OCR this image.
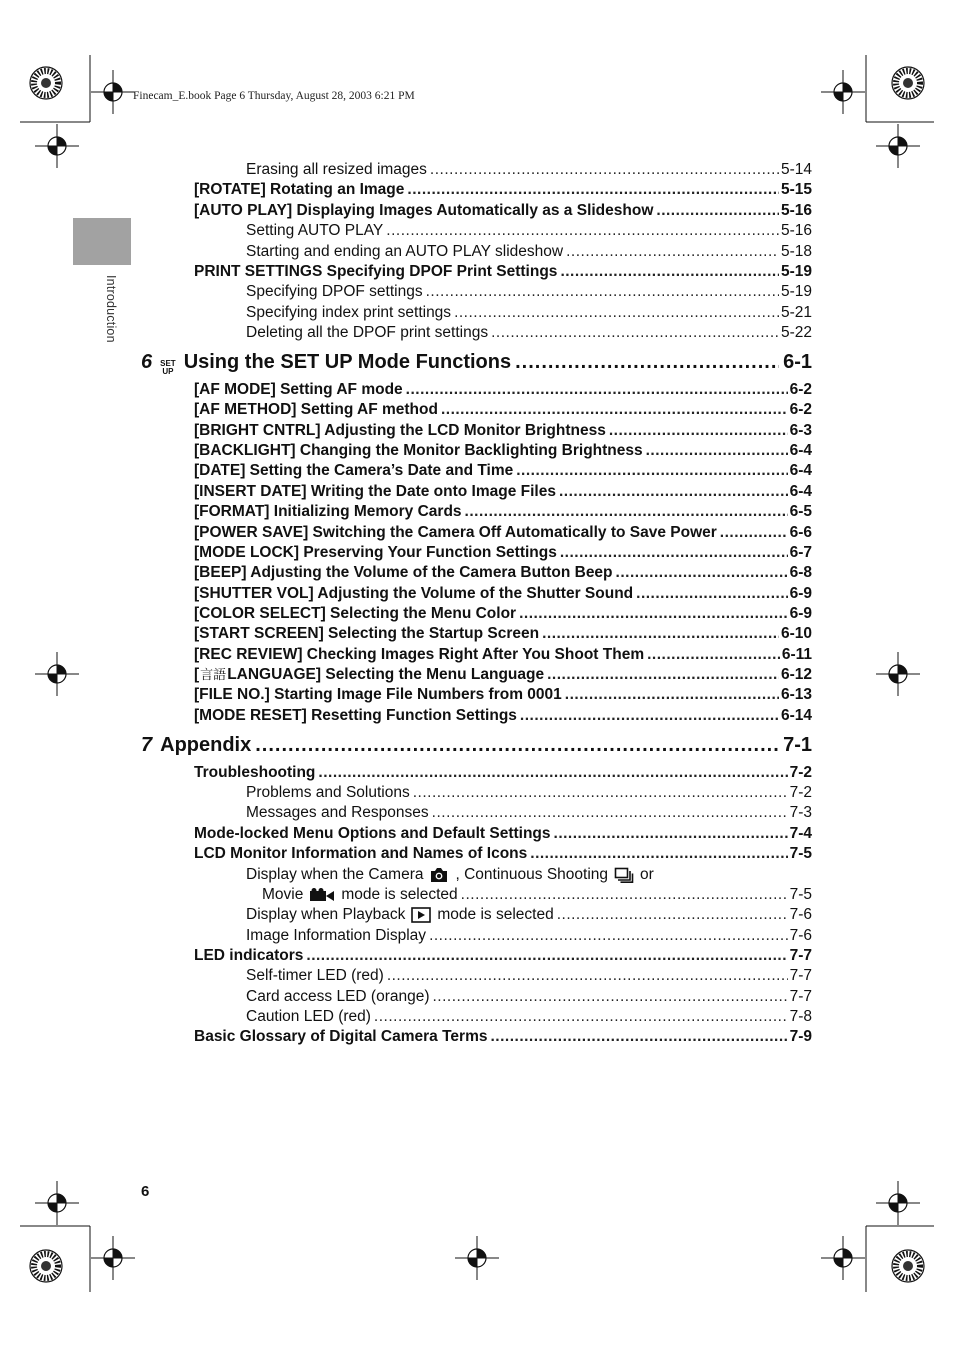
Finecam_E.book Page 6 Thursday, August 28, 2003 6:21 PM
Introduction
Erasing all resized images .....	5-14
[ROTATE] Rotating an Image .....	5-15
[AUTO PLAY] Displaying Images Automatically as a Slideshow .....	5-16
Setting AUTO PLAY .....	5-16
Starting and ending an AUTO PLAY slideshow .....	5-18
PRINT SETTINGS Specifying DPOF Print Settings .....	5-19
Specifying DPOF settings .....	5-19
Specifying index print settings .....	5-21
Deleting all the DPOF print settings .....	5-22
6 SET
UP Using the SET UP Mode Functions .....	6-1
[AF MODE] Setting AF mode .....	6-2
[AF METHOD] Setting AF method .....	6-2
[BRIGHT CNTRL] Adjusting the LCD Monitor Brightness .....	6-3
[BACKLIGHT] Changing the Monitor Backlighting Brightness .....	6-4
[DATE] Setting the Camera’s Date and Time .....	6-4
[INSERT DATE] Writing the Date onto Image Files .....	6-4
[FORMAT] Initializing Memory Cards .....	6-5
[POWER SAVE] Switching the Camera Off Automatically to Save Power .....	6-6
[MODE LOCK] Preserving Your Function Settings .....	6-7
[BEEP] Adjusting the Volume of the Camera Button Beep .....	6-8
[SHUTTER VOL] Adjusting the Volume of the Shutter Sound .....	6-9
[COLOR SELECT] Selecting the Menu Color .....	6-9
[START SCREEN] Selecting the Startup Screen .....	6-10
[REC REVIEW] Checking Images Right After You Shoot Them .....	6-11
[ 言語 LANGUAGE] Selecting the Menu Language .....	6-12
[FILE NO.] Starting Image File Numbers from 0001 .....	6-13
[MODE RESET] Resetting Function Settings .....	6-14
7 Appendix .....	7-1
Troubleshooting .....	7-2
Problems and Solutions .....	7-2
Messages and Responses .....	7-3
Mode-locked Menu Options and Default Settings .....	7-4
LCD Monitor Information and Names of Icons .....	7-5
Display when the Camera , Continuous Shooting or
Movie mode is selected .....	7-5
Display when Playback mode is selected .....	7-6
Image Information Display .....	7-6
LED indicators .....	7-7
Self-timer LED (red) .....	7-7
Card access LED (orange) .....	7-7
Caution LED (red) .....	7-8
Basic Glossary of Digital Camera Terms .....	7-9
6
